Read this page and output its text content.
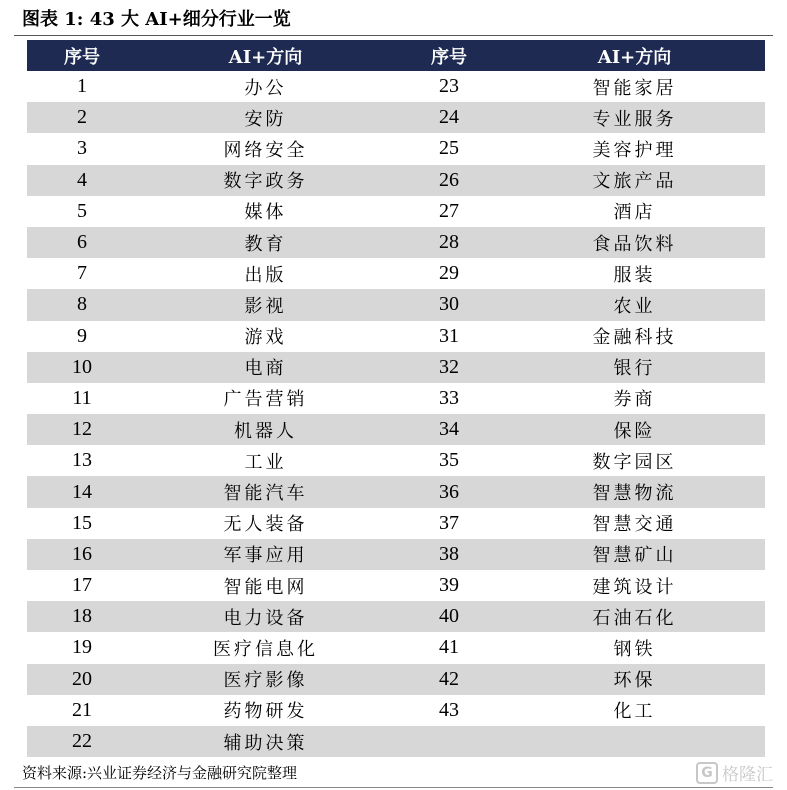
图表 1: 43 大 AI+细分行业一览
序号	AI+方向	序号	AI+方向
1	办公	23	智能家居
2	安防	24	专业服务
3	网络安全	25	美容护理
4	数字政务	26	文旅产品
5	媒体	27	酒店
6	教育	28	食品饮料
7	出版	29	服装
8	影视	30	农业
9	游戏	31	金融科技
10	电商	32	银行
11	广告营销	33	券商
12	机器人	34	保险
13	工业	35	数字园区
14	智能汽车	36	智慧物流
15	无人装备	37	智慧交通
16	军事应用	38	智慧矿山
17	智能电网	39	建筑设计
18	电力设备	40	石油石化
19	医疗信息化	41	钢铁
20	医疗影像	42	环保
21	药物研发	43	化工
22	辅助决策		
资料来源:兴业证券经济与金融研究院整理	G 格隆汇
